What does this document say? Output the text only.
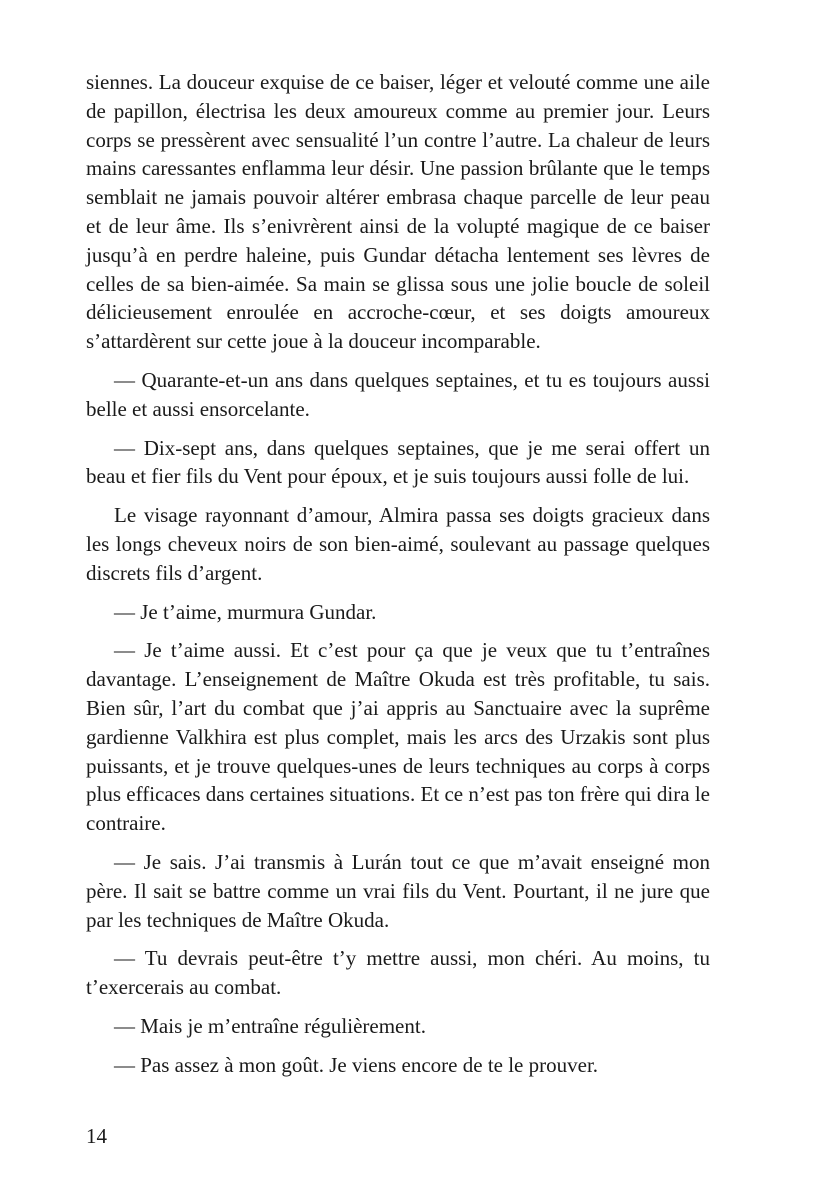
siennes. La douceur exquise de ce baiser, léger et velouté comme une aile de papillon, électrisa les deux amoureux comme au premier jour. Leurs corps se pressèrent avec sensualité l’un contre l’autre. La chaleur de leurs mains caressantes enflamma leur désir. Une passion brûlante que le temps semblait ne jamais pouvoir altérer embrasa chaque parcelle de leur peau et de leur âme. Ils s’enivrèrent ainsi de la volupté magique de ce baiser jusqu’à en perdre haleine, puis Gundar détacha lentement ses lèvres de celles de sa bien-aimée. Sa main se glissa sous une jolie boucle de soleil délicieusement enroulée en accroche-cœur, et ses doigts amoureux s’attardèrent sur cette joue à la douceur incomparable.

— Quarante-et-un ans dans quelques septaines, et tu es toujours aussi belle et aussi ensorcelante.

— Dix-sept ans, dans quelques septaines, que je me serai offert un beau et fier fils du Vent pour époux, et je suis toujours aussi folle de lui.

Le visage rayonnant d’amour, Almira passa ses doigts gracieux dans les longs cheveux noirs de son bien-aimé, soulevant au passage quelques discrets fils d’argent.

— Je t’aime, murmura Gundar.

— Je t’aime aussi. Et c’est pour ça que je veux que tu t’entraînes davantage. L’enseignement de Maître Okuda est très profitable, tu sais. Bien sûr, l’art du combat que j’ai appris au Sanctuaire avec la suprême gardienne Valkhira est plus complet, mais les arcs des Urzakis sont plus puissants, et je trouve quelques-unes de leurs techniques au corps à corps plus efficaces dans certaines situations. Et ce n’est pas ton frère qui dira le contraire.

— Je sais. J’ai transmis à Lurán tout ce que m’avait enseigné mon père. Il sait se battre comme un vrai fils du Vent. Pourtant, il ne jure que par les techniques de Maître Okuda.

— Tu devrais peut-être t’y mettre aussi, mon chéri. Au moins, tu t’exercerais au combat.

— Mais je m’entraîne régulièrement.

— Pas assez à mon goût. Je viens encore de te le prouver.

14
